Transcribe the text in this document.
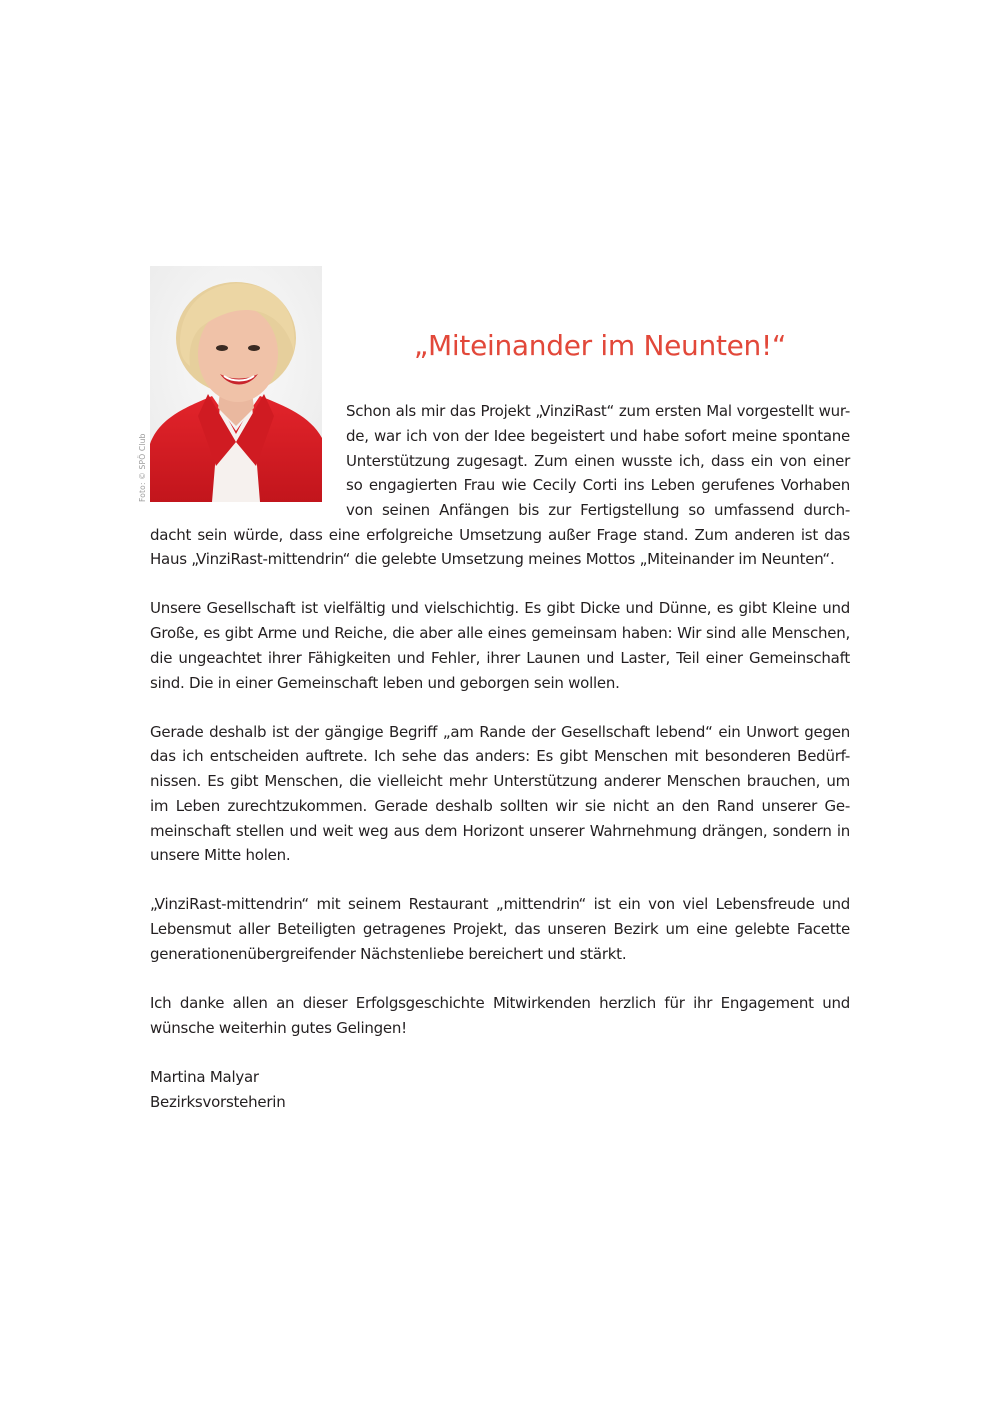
Foto: © SPÖ Club
„Miteinander im Neunten!“

Schon als mir das Projekt „VinziRast“ zum ersten Mal vorgestellt wur-

de, war ich von der Idee begeistert und habe sofort meine spontane

Unterstützung zugesagt. Zum einen wusste ich, dass ein von einer

so engagierten Frau wie Cecily Corti ins Leben gerufenes Vorhaben

von seinen Anfängen bis zur Fertigstellung so umfassend durch-

dacht sein würde, dass eine erfolgreiche Umsetzung außer Frage stand. Zum anderen ist das

Haus „VinziRast-mittendrin“ die gelebte Umsetzung meines Mottos „Miteinander im Neunten“.

Unsere Gesellschaft ist vielfältig und vielschichtig. Es gibt Dicke und Dünne, es gibt Kleine und

Große, es gibt Arme und Reiche, die aber alle eines gemeinsam haben: Wir sind alle Menschen,

die ungeachtet ihrer Fähigkeiten und Fehler, ihrer Launen und Laster, Teil einer Gemeinschaft

sind. Die in einer Gemeinschaft leben und geborgen sein wollen.

Gerade deshalb ist der gängige Begriff „am Rande der Gesellschaft lebend“ ein Unwort gegen

das ich entscheiden auftrete. Ich sehe das anders: Es gibt Menschen mit besonderen Bedürf-

nissen. Es gibt Menschen, die vielleicht mehr Unterstützung anderer Menschen brauchen, um

im Leben zurechtzukommen. Gerade deshalb sollten wir sie nicht an den Rand unserer Ge-

meinschaft stellen und weit weg aus dem Horizont unserer Wahrnehmung drängen, sondern in

unsere Mitte holen.

„VinziRast-mittendrin“ mit seinem Restaurant „mittendrin“ ist ein von viel Lebensfreude und

Lebensmut aller Beteiligten getragenes Projekt, das unseren Bezirk um eine gelebte Facette

generationenübergreifender Nächstenliebe bereichert und stärkt.

Ich danke allen an dieser Erfolgsgeschichte Mitwirkenden herzlich für ihr Engagement und

wünsche weiterhin gutes Gelingen!

Martina Malyar

Bezirksvorsteherin
